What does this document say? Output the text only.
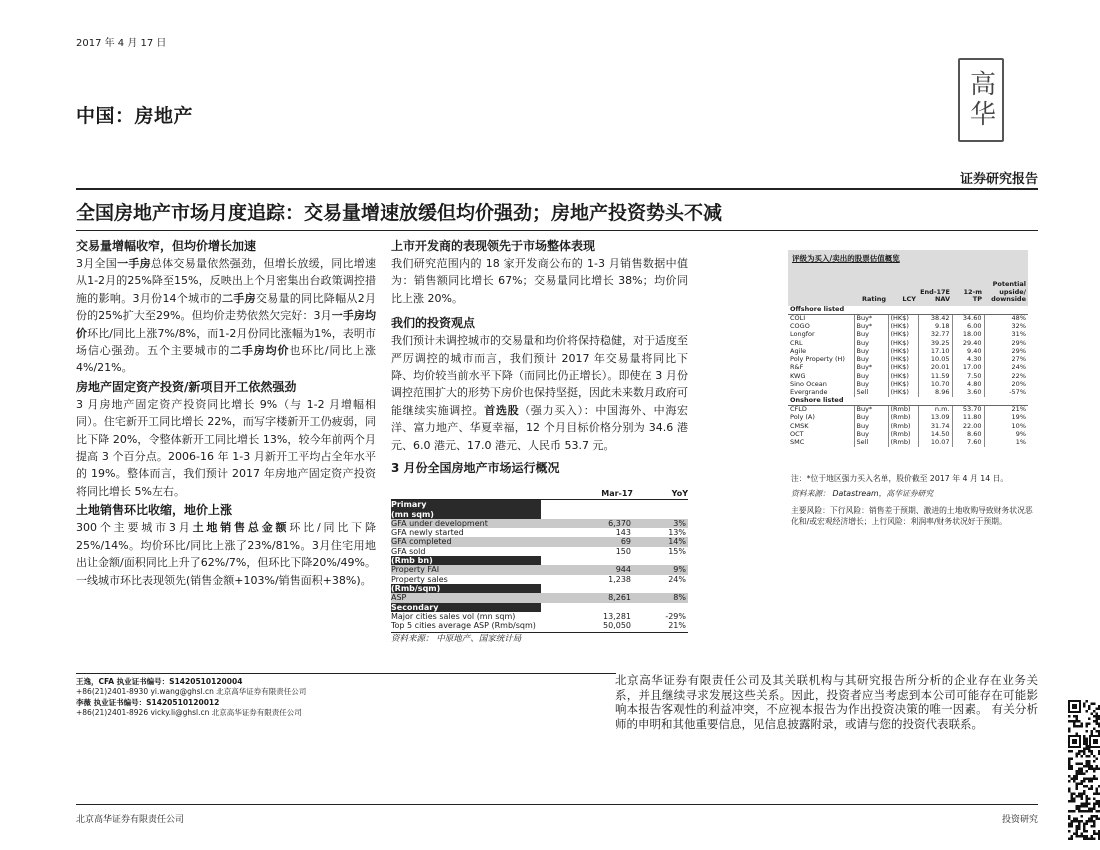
2017 年 4 月 17 日
中国：房地产	高华
证券研究报告
全国房地产市场月度追踪：交易量增速放缓但均价强劲；房地产投资势头不减
交易量增幅收窄，但均价增长加速

3月全国一手房总体交易量依然强劲，但增长放缓，同比增速从1-2月的25%降至15%，反映出上个月密集出台政策调控措施的影响。3月份14个城市的二手房交易量的同比降幅从2月份的25%扩大至29%。但均价走势依然欠完好：3月一手房均价环比/同比上涨7%/8%，而1-2月份同比涨幅为1%，表明市场信心强劲。五个主要城市的二手房均价也环比/同比上涨4%/21%。

房地产固定资产投资/新项目开工依然强劲

3 月房地产固定资产投资同比增长 9%（与 1-2 月增幅相同）。住宅新开工同比增长 22%，而写字楼新开工仍疲弱，同比下降 20%，令整体新开工同比增长 13%，较今年前两个月提高 3 个百分点。2006-16 年 1-3 月新开工平均占全年水平的 19%。整体而言，我们预计 2017 年房地产固定资产投资将同比增长 5%左右。

土地销售环比收缩，地价上涨

300个主要城市3月土地销售总金额环比/同比下降25%/14%。均价环比/同比上涨了23%/81%。3月住宅用地出让金额/面积同比上升了62%/7%，但环比下降20%/49%。一线城市环比表现领先(销售金额+103%/销售面积+38%)。

上市开发商的表现领先于市场整体表现

我们研究范围内的 18 家开发商公布的 1-3 月销售数据中值为：销售额同比增长 67%；交易量同比增长 38%；均价同比上涨 20%。

我们的投资观点

我们预计未调控城市的交易量和均价将保持稳健，对于适度至严厉调控的城市而言，我们预计 2017 年交易量将同比下降、均价较当前水平下降（而同比仍正增长）。即使在 3 月份调控范围扩大的形势下房价也保持坚挺，因此未来数月政府可能继续实施调控。首选股（强力买入）：中国海外、中海宏洋、富力地产、华夏幸福，12 个月目标价格分别为 34.6 港元、6.0 港元、17.0 港元、人民币 53.7 元。

3 月份全国房地产市场运行概况
Mar-17	YoY
Primary
(mn sqm)
GFA under development	6,370	3%
GFA newly started	143	13%
GFA completed	69	14%
GFA sold	150	15%
(Rmb bn)
Property FAI	944	9%
Property sales	1,238	24%
(Rmb/sqm)
ASP	8,261	8%
Secondary
Major cities sales vol (mn sqm)	13,281	-29%
Top 5 cities average ASP (Rmb/sqm)	50,050	21%
资料来源： 中原地产、国家统计局
评级为买入/卖出的股票估值概览
	Rating	LCY	End-17E NAV	12-m TP	Potential upside/ downside
Offshore listed					
COLI	Buy*	(HK$)	38.42	34.60	48%
COGO	Buy*	(HK$)	9.18	6.00	32%
Longfor	Buy	(HK$)	32.77	18.00	31%
CRL	Buy	(HK$)	39.25	29.40	29%
Agile	Buy	(HK$)	17.10	9.40	29%
Poly Property (H)	Buy	(HK$)	10.05	4.30	27%
R&F	Buy*	(HK$)	20.01	17.00	24%
KWG	Buy	(HK$)	11.59	7.50	22%
Sino Ocean	Buy	(HK$)	10.70	4.80	20%
Evergrande	Sell	(HK$)	8.96	3.60	-57%
Onshore listed					
CFLD	Buy*	(Rmb)	n.m.	53.70	21%
Poly (A)	Buy	(Rmb)	13.09	11.80	19%
CMSK	Buy	(Rmb)	31.74	22.00	10%
OCT	Buy	(Rmb)	14.50	8.60	9%
SMC	Sell	(Rmb)	10.07	7.60	1%
注：*位于地区强力买入名单，股价截至 2017 年 4 月 14 日。
资料来源： Datastream，高华证券研究
主要风险：下行风险：销售差于预期、激进的土地收购导致财务状况恶化和/或宏观经济增长；上行风险：利润率/财务状况好于预期。
王逸，CFA 执业证书编号：S1420510120004
+86(21)2401-8930 yi.wang@ghsl.cn 北京高华证券有限责任公司
李薇 执业证书编号：S1420510120012
+86(21)2401-8926 vicky.li@ghsl.cn 北京高华证券有限责任公司
北京高华证券有限责任公司及其关联机构与其研究报告所分析的企业存在业务关系，并且继续寻求发展这些关系。因此，投资者应当考虑到本公司可能存在可能影响本报告客观性的利益冲突，不应视本报告为作出投资决策的唯一因素。 有关分析师的申明和其他重要信息，见信息披露附录，或请与您的投资代表联系。
北京高华证券有限责任公司	投资研究
